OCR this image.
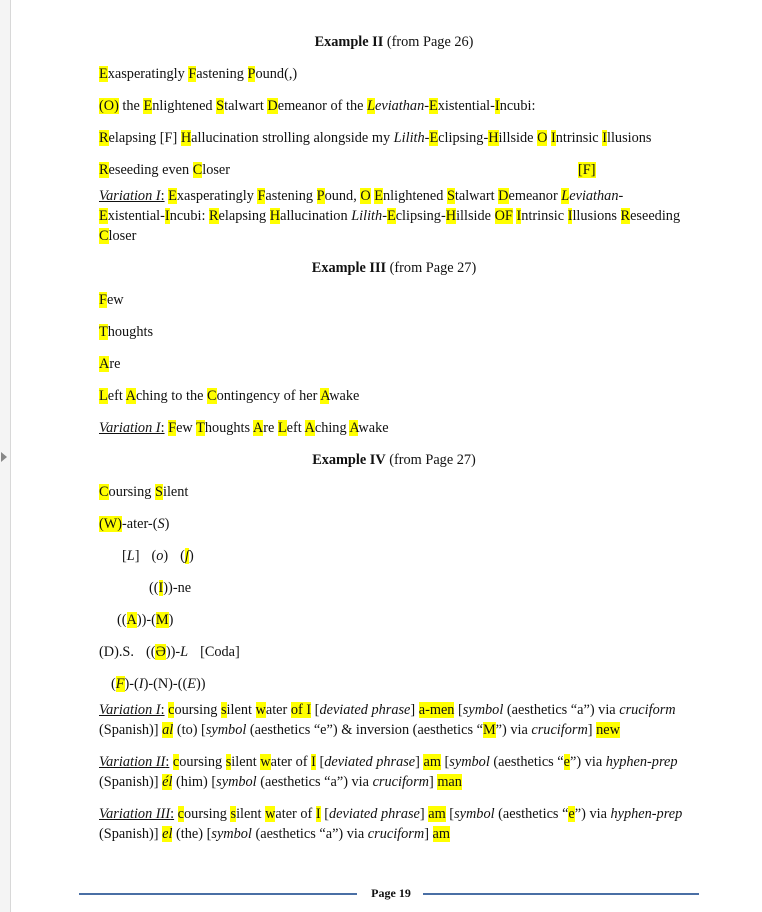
Example II (from Page 26)
Exasperatingly Fastening Pound(,)
(O) the Enlightened Stalwart Demeanor of the Leviathan-Existential-Incubi:
Relapsing [F] Hallucination strolling alongside my Lilith-Eclipsing-Hillside O Intrinsic Illusions
Reseeding even Closer	[F]

Variation I: Exasperatingly Fastening Pound, O Enlightened Stalwart Demeanor Leviathan-Existential-Incubi: Relapsing Hallucination Lilith-Eclipsing-Hillside OF Intrinsic Illusions Reseeding Closer

Example III (from Page 27)
Few
Thoughts
Are
Left Aching to the Contingency of her Awake
Variation I: Few Thoughts Are Left Aching Awake
Example IV (from Page 27)
Coursing Silent
(W)-ater-(S)
[L] (o) (ʃ)
((I))-ne
((A))-(M)
(D).S. ((Ə))-L [Coda]
(F)-(I)-(N)-((E))

Variation I: coursing silent water of I [deviated phrase] a-men [symbol (aesthetics “a”) via cruciform (Spanish)] al (to) [symbol (aesthetics “e”) & inversion (aesthetics “M”) via cruciform] new

Variation II: coursing silent water of I [deviated phrase] am [symbol (aesthetics “e”) via hyphen-prep (Spanish)] él (him) [symbol (aesthetics “a”) via cruciform] man

Variation III: coursing silent water of I [deviated phrase] am [symbol (aesthetics “e”) via hyphen-prep (Spanish)] el (the) [symbol (aesthetics “a”) via cruciform] am

Page 19
